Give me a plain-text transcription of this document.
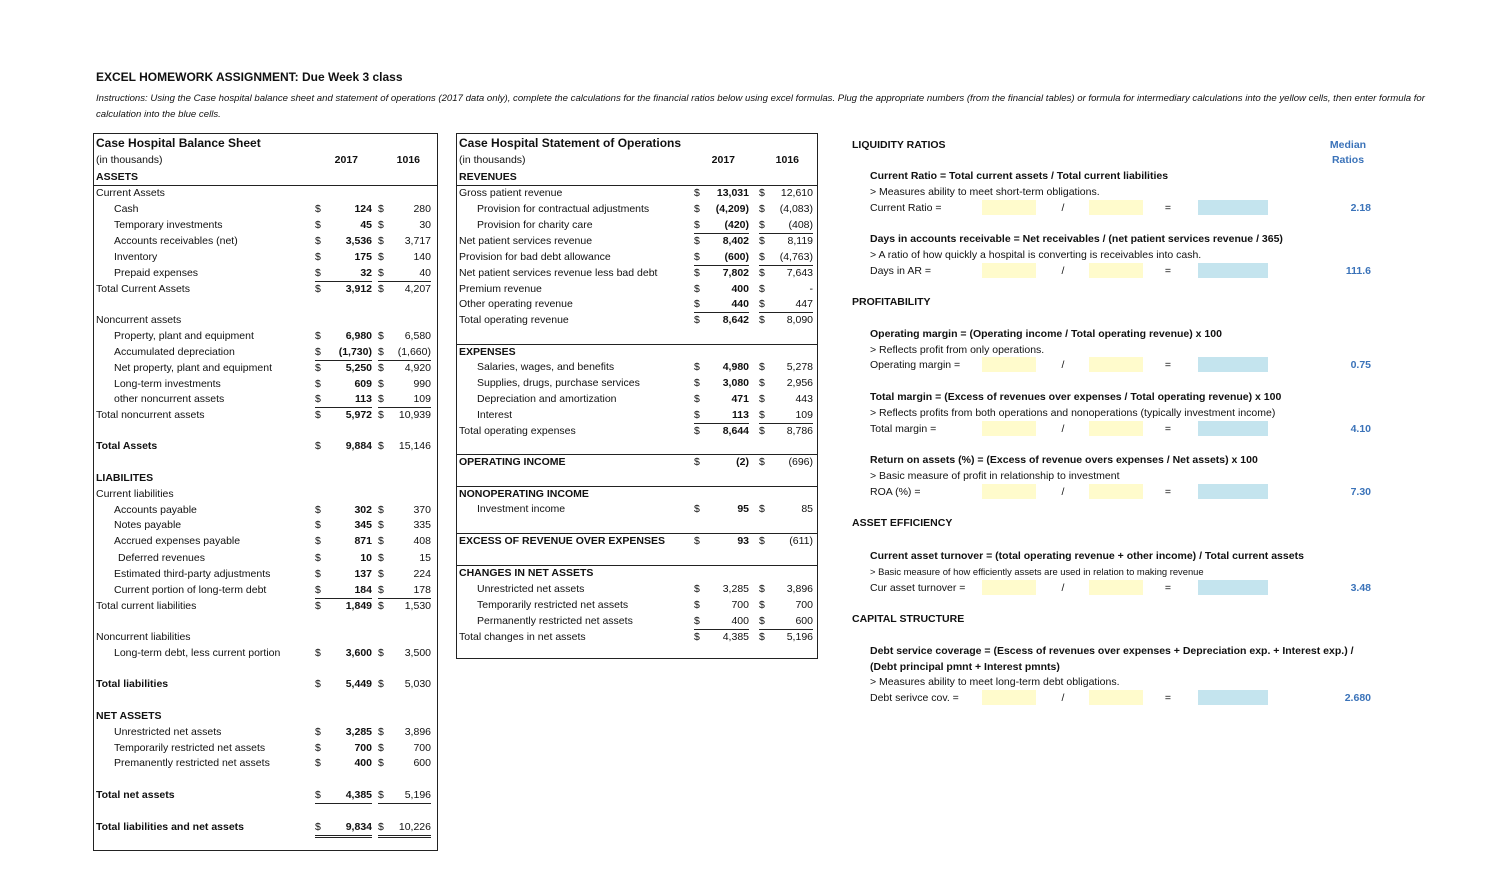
EXCEL HOMEWORK ASSIGNMENT: Due Week 3 class
Instructions: Using the Case hospital balance sheet and statement of operations (2017 data only), complete the calculations for the financial ratios below using excel formulas. Plug the appropriate numbers (from the financial tables) or formula for intermediary calculations into the yellow cells, then enter formula for calculation into the blue cells.
Case Hospital Balance Sheet
(in thousands)	2017	1016
ASSETS
Current Assets
Cash	$	124 $	280
Temporary investments	$	45 $	30
Accounts receivables (net)	$	3,536 $	3,717
Inventory	$	175 $	140
Prepaid expenses	$	32 $	40
Total Current Assets	$	3,912 $	4,207
Noncurrent assets
Property, plant and equipment	$	6,980 $	6,580
Accumulated depreciation	$	(1,730) $	(1,660)
Net property, plant and equipment	$	5,250 $	4,920
Long-term investments	$	609 $	990
other noncurrent assets	$	113 $	109
Total noncurrent assets	$	5,972 $	10,939
Total Assets	$	9,884 $	15,146
LIABILITES
Current liabilities
Accounts payable	$	302 $	370
Notes payable	$	345 $	335
Accrued expenses payable	$	871 $	408
Deferred revenues	$	10 $	15
Estimated third-party adjustments	$	137 $	224
Current portion of long-term debt	$	184 $	178
Total current liabilities	$	1,849 $	1,530
Noncurrent liabilities
Long-term debt, less current portion	$	3,600 $	3,500
Total liabilities	$	5,449 $	5,030
NET ASSETS
Unrestricted net assets	$	3,285 $	3,896
Temporarily restricted net assets	$	700 $	700
Premanently restricted net assets	$	400 $	600
Total net assets	$	4,385 $	5,196
Total liabilities and net assets	$	9,834 $	10,226
Case Hospital Statement of Operations
(in thousands)	2017	1016
REVENUES
Gross patient revenue	$	13,031 $	12,610
Provision for contractual adjustments	$	(4,209) $	(4,083)
Provision for charity care	$	(420) $	(408)
Net patient services revenue	$	8,402 $	8,119
Provision for bad debt allowance	$	(600) $	(4,763)
Net patient services revenue less bad debt	$	7,802 $	7,643
Premium revenue	$	400 $	-
Other operating revenue	$	440 $	447
Total operating revenue	$	8,642 $	8,090
EXPENSES
Salaries, wages, and benefits	$	4,980 $	5,278
Supplies, drugs, purchase services	$	3,080 $	2,956
Depreciation and amortization	$	471 $	443
Interest	$	113 $	109
Total operating expenses	$	8,644 $	8,786
OPERATING INCOME	$	(2) $	(696)
NONOPERATING INCOME
Investment income	$	95 $	85
EXCESS OF REVENUE OVER EXPENSES	$	93 $	(611)
CHANGES IN NET ASSETS
Unrestricted net assets	$	3,285 $	3,896
Temporarily restricted net assets	$	700 $	700
Permanently restricted net assets	$	400 $	600
Total changes in net assets	$	4,385 $	5,196
Median
Ratios
LIQUIDITY RATIOS
Current Ratio = Total current assets / Total current liabilities
> Measures ability to meet short-term obligations.
Current Ratio =	/	=	2.18
Days in accounts receivable = Net receivables / (net patient services revenue / 365)
> A ratio of how quickly a hospital is converting is receivables into cash.
Days in AR =	/	=	111.6
PROFITABILITY
Operating margin = (Operating income / Total operating revenue) x 100
> Reflects profit from only operations.
Operating margin =	/	=	0.75
Total margin = (Excess of revenues over expenses / Total operating revenue) x 100
> Reflects profits from both operations and nonoperations (typically investment income)
Total margin =	/	=	4.10
Return on assets (%) = (Excess of revenue overs expenses / Net assets) x 100
> Basic measure of profit in relationship to investment
ROA (%) =	/	=	7.30
ASSET EFFICIENCY
Current asset turnover = (total operating revenue + other income) / Total current assets
> Basic measure of how efficiently assets are used in relation to making revenue
Cur asset turnover =	/	=	3.48
CAPITAL STRUCTURE
Debt service coverage = (Escess of revenues over expenses + Depreciation exp. + Interest exp.) /
(Debt principal pmnt + Interest pmnts)
> Measures ability to meet long-term debt obligations.
Debt serivce cov. =	/	=	2.680
